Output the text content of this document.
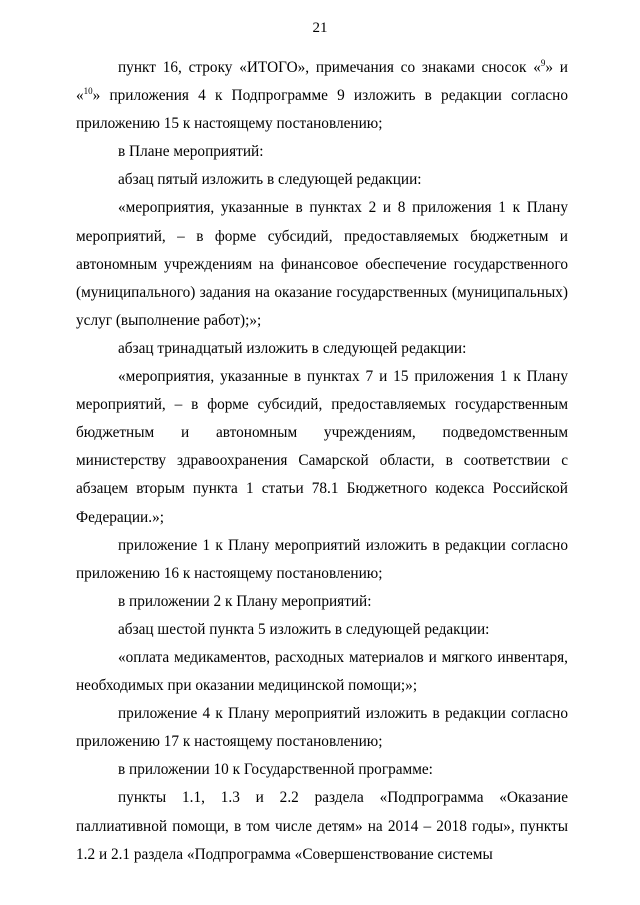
21

пункт 16, строку «ИТОГО», примечания со знаками сносок «$^9$» и «$^{10}$» приложения 4 к Подпрограмме 9 изложить в редакции согласно приложению 15 к настоящему постановлению;

в Плане мероприятий:

абзац пятый изложить в следующей редакции:

«мероприятия, указанные в пунктах 2 и 8 приложения 1 к Плану мероприятий, – в форме субсидий, предоставляемых бюджетным и автономным учреждениям на финансовое обеспечение государственного (муниципального) задания на оказание государственных (муниципальных) услуг (выполнение работ);»;

абзац тринадцатый изложить в следующей редакции:

«мероприятия, указанные в пунктах 7 и 15 приложения 1 к Плану мероприятий, – в форме субсидий, предоставляемых государственным бюджетным и автономным учреждениям, подведомственным министерству здравоохранения Самарской области, в соответствии с абзацем вторым пункта 1 статьи 78.1 Бюджетного кодекса Российской Федерации.»;

приложение 1 к Плану мероприятий изложить в редакции согласно приложению 16 к настоящему постановлению;

в приложении 2 к Плану мероприятий:

абзац шестой пункта 5 изложить в следующей редакции:

«оплата медикаментов, расходных материалов и мягкого инвентаря, необходимых при оказании медицинской помощи;»;

приложение 4 к Плану мероприятий изложить в редакции согласно приложению 17 к настоящему постановлению;

в приложении 10 к Государственной программе:

пункты 1.1, 1.3 и 2.2 раздела «Подпрограмма «Оказание паллиативной помощи, в том числе детям» на 2014 – 2018 годы», пункты 1.2 и 2.1 раздела «Подпрограмма «Совершенствование системы
